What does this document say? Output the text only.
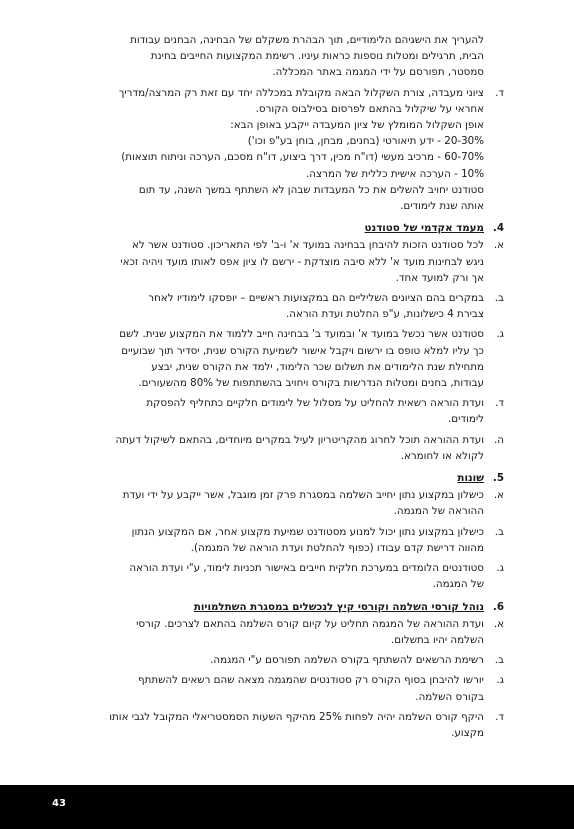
להעריך את הישגיהם הלימודיים, תוך הבהרת משקלם של הבחינה, הבחנים עבודות
הבית, תרגילים ומטלות נוספות כראות עיניו. רשימת המקצועות החייבים בחינת
סמסטר, תפורסם על ידי המגמה באתר המכללה.
ד.
ציוני מעבדה, צורת השקלול הבאה מקובלת במכללה יחד עם זאת רק המרצה/מדריך
אחראי על שיקלול בהתאם לפרסום בסילבוס הקורס.
אופן השקלול המומלץ של ציון המעבדה ייקבע באופן הבא:
20-30% - ידע תיאורטי (בחנים, מבחן, בוחן בע"פ וכו')
60-70% - מרכיב מעשי (דו"ח מכין, דרך ביצוע, דו"ח מסכם, הערכה וניתוח תוצאות)
10% - הערכה אישית כללית של המרצה.
סטודנט יחויב להשלים את כל המעבדות שבהן לא השתתף במשך השנה, עד תום
אותה שנת לימודים.
4.
מעמד אקדמי של סטודנט
א.
לכל סטודנט הזכות להיבחן בבחינה במועד א' ו-ב' לפי התאריכון. סטודנט אשר לא
ניגש לבחינות מועד א' ללא סיבה מוצדקת - ירשם לו ציון אפס לאותו מועד ויהיה זכאי
אך ורק למועד אחד.
ב.
במקרים בהם הציונים השליליים הם במקצועות ראשיים – יופסקו לימודיו לאחר
צבירת 4 כישלונות, ע"פ החלטת ועדת הוראה.
ג.
סטודנט אשר נכשל במועד א' ובמועד ב' בבחינה חייב ללמוד את המקצוע שנית. לשם
כך עליו למלא טופס בו ירשום ויקבל אישור לשמיעת הקורס שנית, יסדיר תוך שבועיים
מתחילת שנת הלימודים את תשלום שכר הלימוד, ילמד את הקורס שנית, יבצע
עבודות, בחנים ומטלות הנדרשות בקורס ויחויב בהשתתפות של 80% מהשעורים.
ד.
ועדת הוראה רשאית להחליט על מסלול של לימודים חלקיים כתחליף להפסקת
לימודים.
ה.
ועדת ההוראה תוכל לחרוג מהקריטריון לעיל במקרים מיוחדים, בהתאם לשיקול דעתה
לקולא או לחומרא.
5.
שונות
א.
כישלון במקצוע נתון יחייב השלמה במסגרת פרק זמן מוגבל, אשר ייקבע על ידי ועדת
ההוראה של המגמה.
ב.
כישלון במקצוע נתון יכול למנוע מסטודנט שמיעת מקצוע אחר, אם המקצוע הנתון
מהווה דרישת קדם עבודו (כפוף להחלטת ועדת הוראה של המגמה).
ג.
סטודנטים הלומדים במערכת חלקית חייבים באישור תכניות לימוד, ע"י ועדת הוראה
של המגמה.
6.
נוהל קורסי השלמה וקורסי קיץ לנכשלים במסגרת השתלמויות
א.
ועדת ההוראה של המגמה תחליט על קיום קורס השלמה בהתאם לצרכים. קורסי
השלמה יהיו בתשלום.
ב.
רשימת הרשאים להשתתף בקורס השלמה תפורסם ע"י המגמה.
ג.
יורשו להיבחן בסוף הקורס רק סטודנטים שהמגמה מצאה שהם רשאים להשתתף
בקורס השלמה.
ד.
היקף קורס השלמה יהיה לפחות 25% מהיקף השעות הסמסטריאלי המקובל לגבי אותו
מקצוע.
43
